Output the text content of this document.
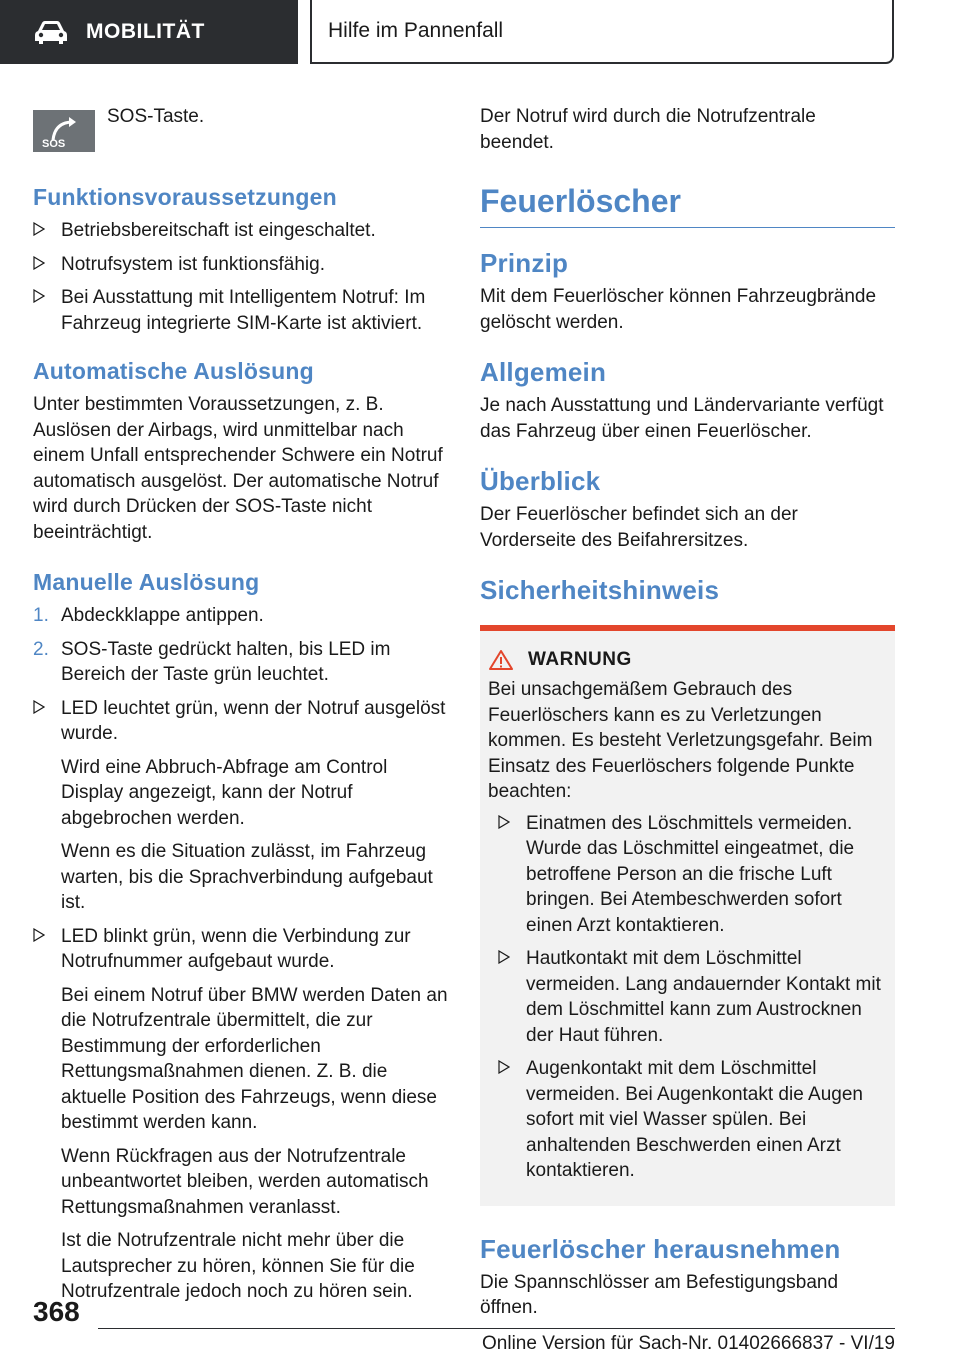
MOBILITÄT	Hilfe im Pannenfall
SOS
SOS-Taste.
Funktionsvoraussetzungen
Betriebsbereitschaft ist eingeschaltet.
Notrufsystem ist funktionsfähig.
Bei Ausstattung mit Intelligentem Notruf: Im Fahrzeug integrierte SIM-Karte ist aktiviert.
Automatische Auslösung

Unter bestimmten Voraussetzungen, z. B. Auslösen der Airbags, wird unmittelbar nach einem Unfall entsprechender Schwere ein Notruf automatisch ausgelöst. Der automatische Notruf wird durch Drücken der SOS-Taste nicht beeinträchtigt.

Manuelle Auslösung
1. Abdeckklappe antippen.
2. SOS-Taste gedrückt halten, bis LED im Bereich der Taste grün leuchtet.
LED leuchtet grün, wenn der Notruf ausgelöst wurde.

Wird eine Abbruch-Abfrage am Control Display angezeigt, kann der Notruf abgebrochen werden.

Wenn es die Situation zulässt, im Fahrzeug warten, bis die Sprachverbindung aufgebaut ist.

LED blinkt grün, wenn die Verbindung zur Notrufnummer aufgebaut wurde.

Bei einem Notruf über BMW werden Daten an die Notrufzentrale übermittelt, die zur Bestimmung der erforderlichen Rettungsmaßnahmen dienen. Z. B. die aktuelle Position des Fahrzeugs, wenn diese bestimmt werden kann.

Wenn Rückfragen aus der Notrufzentrale unbeantwortet bleiben, werden automatisch Rettungsmaßnahmen veranlasst.

Ist die Notrufzentrale nicht mehr über die Lautsprecher zu hören, können Sie für die Notrufzentrale jedoch noch zu hören sein.

Der Notruf wird durch die Notrufzentrale beendet.

Feuerlöscher
Prinzip

Mit dem Feuerlöscher können Fahrzeugbrände gelöscht werden.

Allgemein

Je nach Ausstattung und Ländervariante verfügt das Fahrzeug über einen Feuerlöscher.

Überblick

Der Feuerlöscher befindet sich an der Vorderseite des Beifahrersitzes.

Sicherheitshinweis
WARNUNG

Bei unsachgemäßem Gebrauch des Feuerlöschers kann es zu Verletzungen kommen. Es besteht Verletzungsgefahr. Beim Einsatz des Feuerlöschers folgende Punkte beachten:

Einatmen des Löschmittels vermeiden. Wurde das Löschmittel eingeatmet, die betroffene Person an die frische Luft bringen. Bei Atembeschwerden sofort einen Arzt kontaktieren.
Hautkontakt mit dem Löschmittel vermeiden. Lang andauernder Kontakt mit dem Löschmittel kann zum Austrocknen der Haut führen.
Augenkontakt mit dem Löschmittel vermeiden. Bei Augenkontakt die Augen sofort mit viel Wasser spülen. Bei anhaltenden Beschwerden einen Arzt kontaktieren.
Feuerlöscher herausnehmen

Die Spannschlösser am Befestigungsband öffnen.

368
Online Version für Sach-Nr. 01402666837 - VI/19
